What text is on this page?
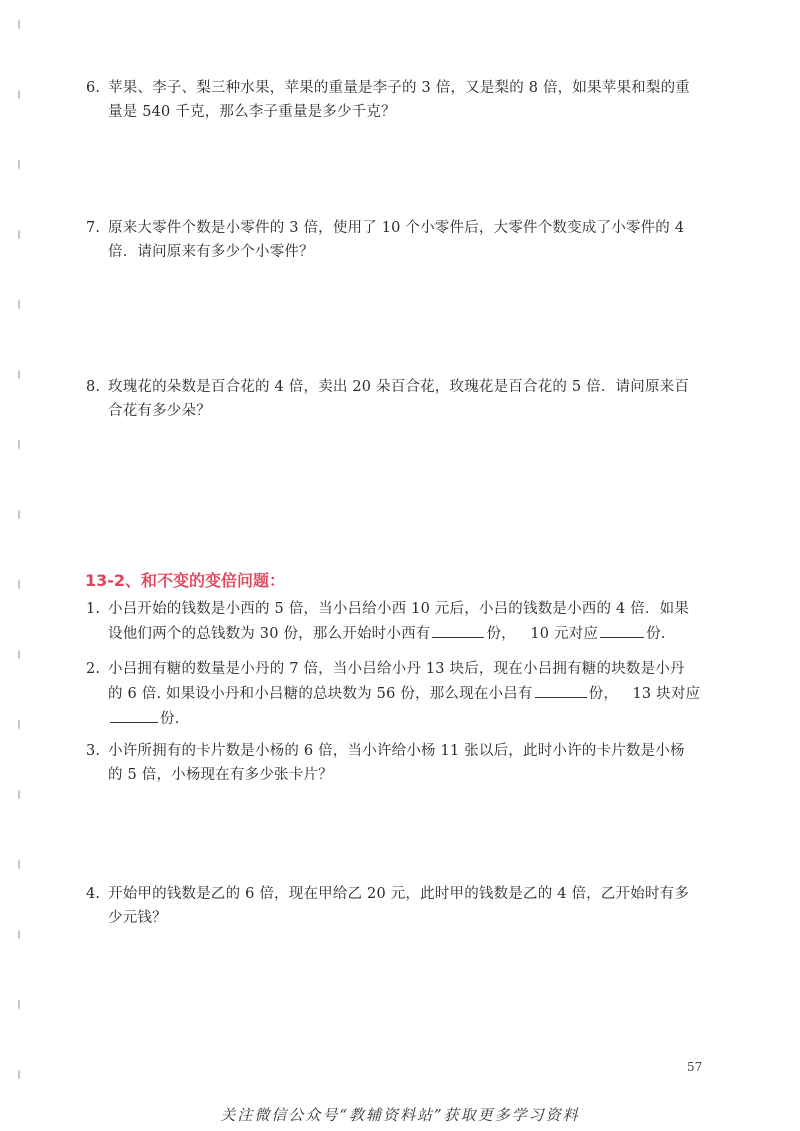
6. 苹果、李子、梨三种水果，苹果的重量是李子的 3 倍，又是梨的 8 倍，如果苹果和梨的重
量是 540 千克，那么李子重量是多少千克？
7. 原来大零件个数是小零件的 3 倍，使用了 10 个小零件后，大零件个数变成了小零件的 4
倍．请问原来有多少个小零件？
8. 玫瑰花的朵数是百合花的 4 倍，卖出 20 朵百合花，玫瑰花是百合花的 5 倍．请问原来百
合花有多少朵？
13-2、和不变的变倍问题：
1. 小吕开始的钱数是小西的 5 倍，当小吕给小西 10 元后，小吕的钱数是小西的 4 倍．如果
设他们两个的总钱数为 30 份，那么开始时小西有	份， 10 元对应	份.
2. 小吕拥有糖的数量是小丹的 7 倍，当小吕给小丹 13 块后，现在小吕拥有糖的块数是小丹
的 6 倍. 如果设小丹和小吕糖的总块数为 56 份，那么现在小吕有	份， 13 块对应
份.
3. 小许所拥有的卡片数是小杨的 6 倍，当小许给小杨 11 张以后，此时小许的卡片数是小杨
的 5 倍，小杨现在有多少张卡片？
4. 开始甲的钱数是乙的 6 倍，现在甲给乙 20 元，此时甲的钱数是乙的 4 倍，乙开始时有多
少元钱？
57
关注微信公众号“教辅资料站”获取更多学习资料
